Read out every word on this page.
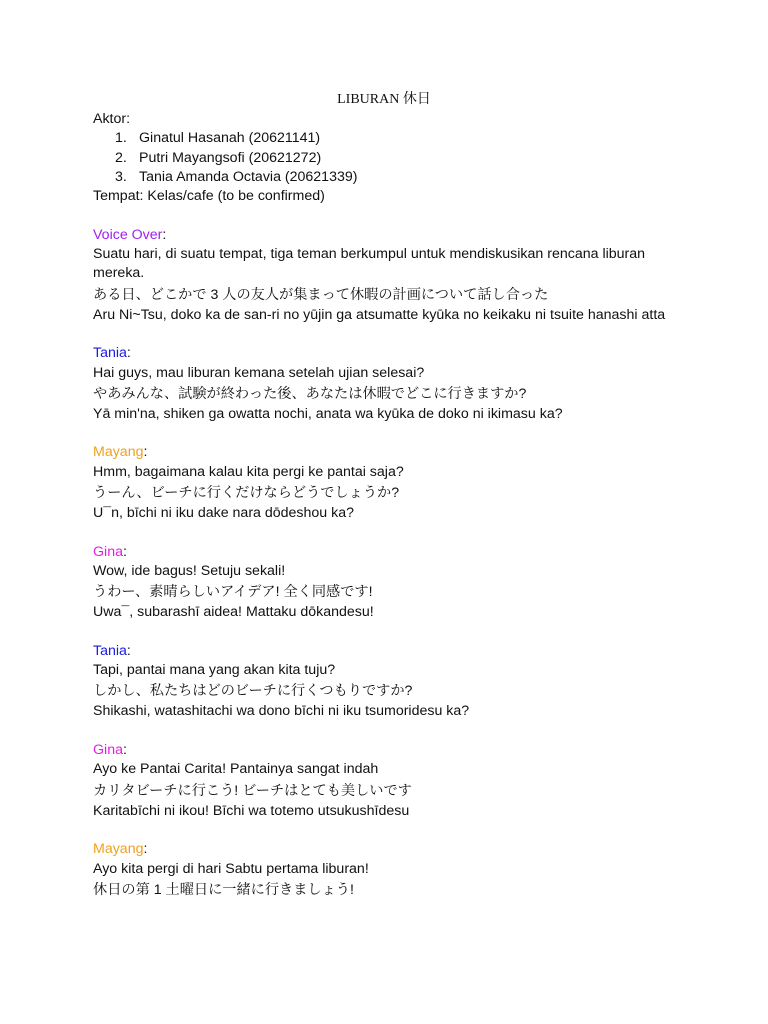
LIBURAN 休日
Aktor:
1. Ginatul Hasanah (20621141)
2. Putri Mayangsofi (20621272)
3. Tania Amanda Octavia (20621339)
Tempat: Kelas/cafe (to be confirmed)
Voice Over:
Suatu hari, di suatu tempat, tiga teman berkumpul untuk mendiskusikan rencana liburan mereka.
ある日、どこかで 3 人の友人が集まって休暇の計画について話し合った
Aru Ni~Tsu, doko ka de san-ri no yūjin ga atsumatte kyūka no keikaku ni tsuite hanashi atta
Tania:
Hai guys, mau liburan kemana setelah ujian selesai?
やあみんな、試験が終わった後、あなたは休暇でどこに行きますか?
Yā min'na, shiken ga owatta nochi, anata wa kyūka de doko ni ikimasu ka?
Mayang:
Hmm, bagaimana kalau kita pergi ke pantai saja?
うーん、ビーチに行くだけならどうでしょうか?
U¯n, bīchi ni iku dake nara dōdeshou ka?
Gina:
Wow, ide bagus! Setuju sekali!
うわー、素晴らしいアイデア! 全く同感です!
Uwa¯, subarashī aidea! Mattaku dōkandesu!
Tania:
Tapi, pantai mana yang akan kita tuju?
しかし、私たちはどのビーチに行くつもりですか?
Shikashi, watashitachi wa dono bīchi ni iku tsumoridesu ka?
Gina:
Ayo ke Pantai Carita! Pantainya sangat indah
カリタビーチに行こう! ビーチはとても美しいです
Karitabīchi ni ikou! Bīchi wa totemo utsukushīdesu
Mayang:
Ayo kita pergi di hari Sabtu pertama liburan!
休日の第 1 土曜日に一緒に行きましょう!
